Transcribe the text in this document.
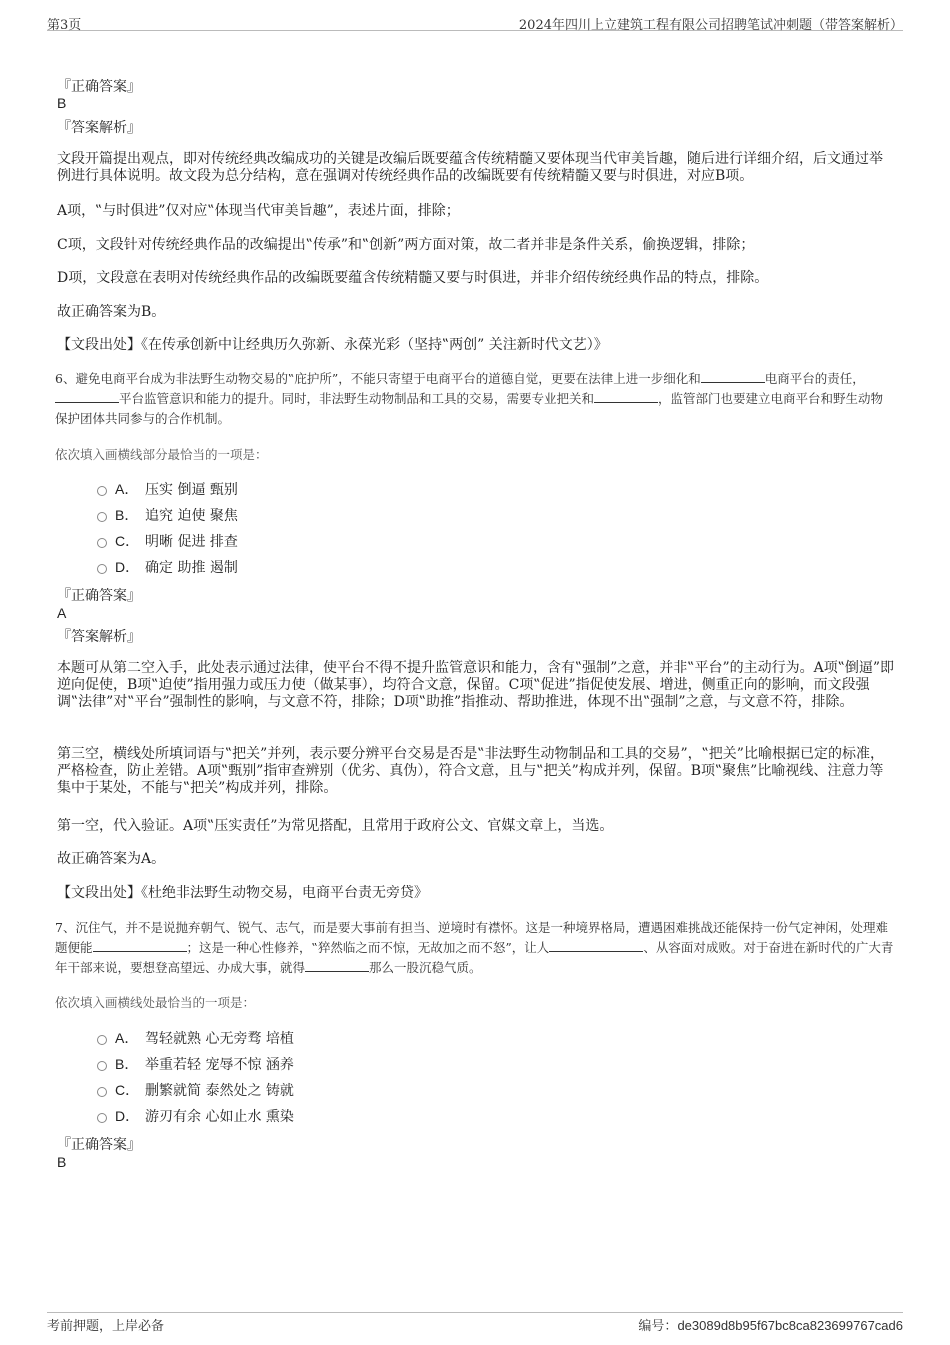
第3页	2024年四川上立建筑工程有限公司招聘笔试冲刺题（带答案解析）
『正确答案』
B
『答案解析』
文段开篇提出观点，即对传统经典改编成功的关键是改编后既要蕴含传统精髓又要体现当代审美旨趣，随后进行详细介绍，后文通过举例进行具体说明。故文段为总分结构，意在强调对传统经典作品的改编既要有传统精髓又要与时俱进，对应B项。
A项，‟与时俱进”仅对应‟体现当代审美旨趣”，表述片面，排除；
C项，文段针对传统经典作品的改编提出‟传承”和‟创新”两方面对策，故二者并非是条件关系，偷换逻辑，排除；
D项，文段意在表明对传统经典作品的改编既要蕴含传统精髓又要与时俱进，并非介绍传统经典作品的特点，排除。
故正确答案为B。
【文段出处】《在传承创新中让经典历久弥新、永葆光彩（坚持‟两创” 关注新时代文艺）》
6、避免电商平台成为非法野生动物交易的‟庇护所”，不能只寄望于电商平台的道德自觉，更要在法律上进一步细化和	电商平台的责任，平台监管意识和能力的提升。同时，非法野生动物制品和工具的交易，需要专业把关和	，监管部门也要建立电商平台和野生动物保护团体共同参与的合作机制。
依次填入画横线部分最恰当的一项是：
A． 压实 倒逼 甄别
B． 追究 迫使 聚焦
C． 明晰 促进 排查
D． 确定 助推 遏制
『正确答案』
A
『答案解析』
本题可从第二空入手，此处表示通过法律，使平台不得不提升监管意识和能力，含有‟强制”之意，并非‟平台”的主动行为。A项‟倒逼”即逆向促使，B项‟迫使”指用强力或压力使（做某事），均符合文意，保留。C项‟促进”指促使发展、增进，侧重正向的影响，而文段强调‟法律”对‟平台”强制性的影响，与文意不符，排除；D项‟助推”指推动、帮助推进，体现不出‟强制”之意，与文意不符，排除。
第三空，横线处所填词语与‟把关”并列，表示要分辨平台交易是否是‟非法野生动物制品和工具的交易”，‟把关”比喻根据已定的标准，严格检查，防止差错。A项‟甄别”指审查辨别（优劣、真伪），符合文意，且与‟把关”构成并列，保留。B项‟聚焦”比喻视线、注意力等集中于某处，不能与‟把关”构成并列，排除。
第一空，代入验证。A项‟压实责任”为常见搭配，且常用于政府公文、官媒文章上，当选。
故正确答案为A。
【文段出处】《杜绝非法野生动物交易，电商平台责无旁贷》
7、沉住气，并不是说抛弃朝气、锐气、志气，而是要大事前有担当、逆境时有襟怀。这是一种境界格局，遭遇困难挑战还能保持一份气定神闲，处理难题便能	；这是一种心性修养，‟猝然临之而不惊，无故加之而不怒”，让人	、从容面对成败。对于奋进在新时代的广大青年干部来说，要想登高望远、办成大事，就得	那么一股沉稳气质。
依次填入画横线处最恰当的一项是：
A． 驾轻就熟 心无旁骛 培植
B． 举重若轻 宠辱不惊 涵养
C． 删繁就简 泰然处之 铸就
D． 游刃有余 心如止水 熏染
『正确答案』
B
考前押题，上岸必备	编号：de3089d8b95f67bc8ca823699767cad6
